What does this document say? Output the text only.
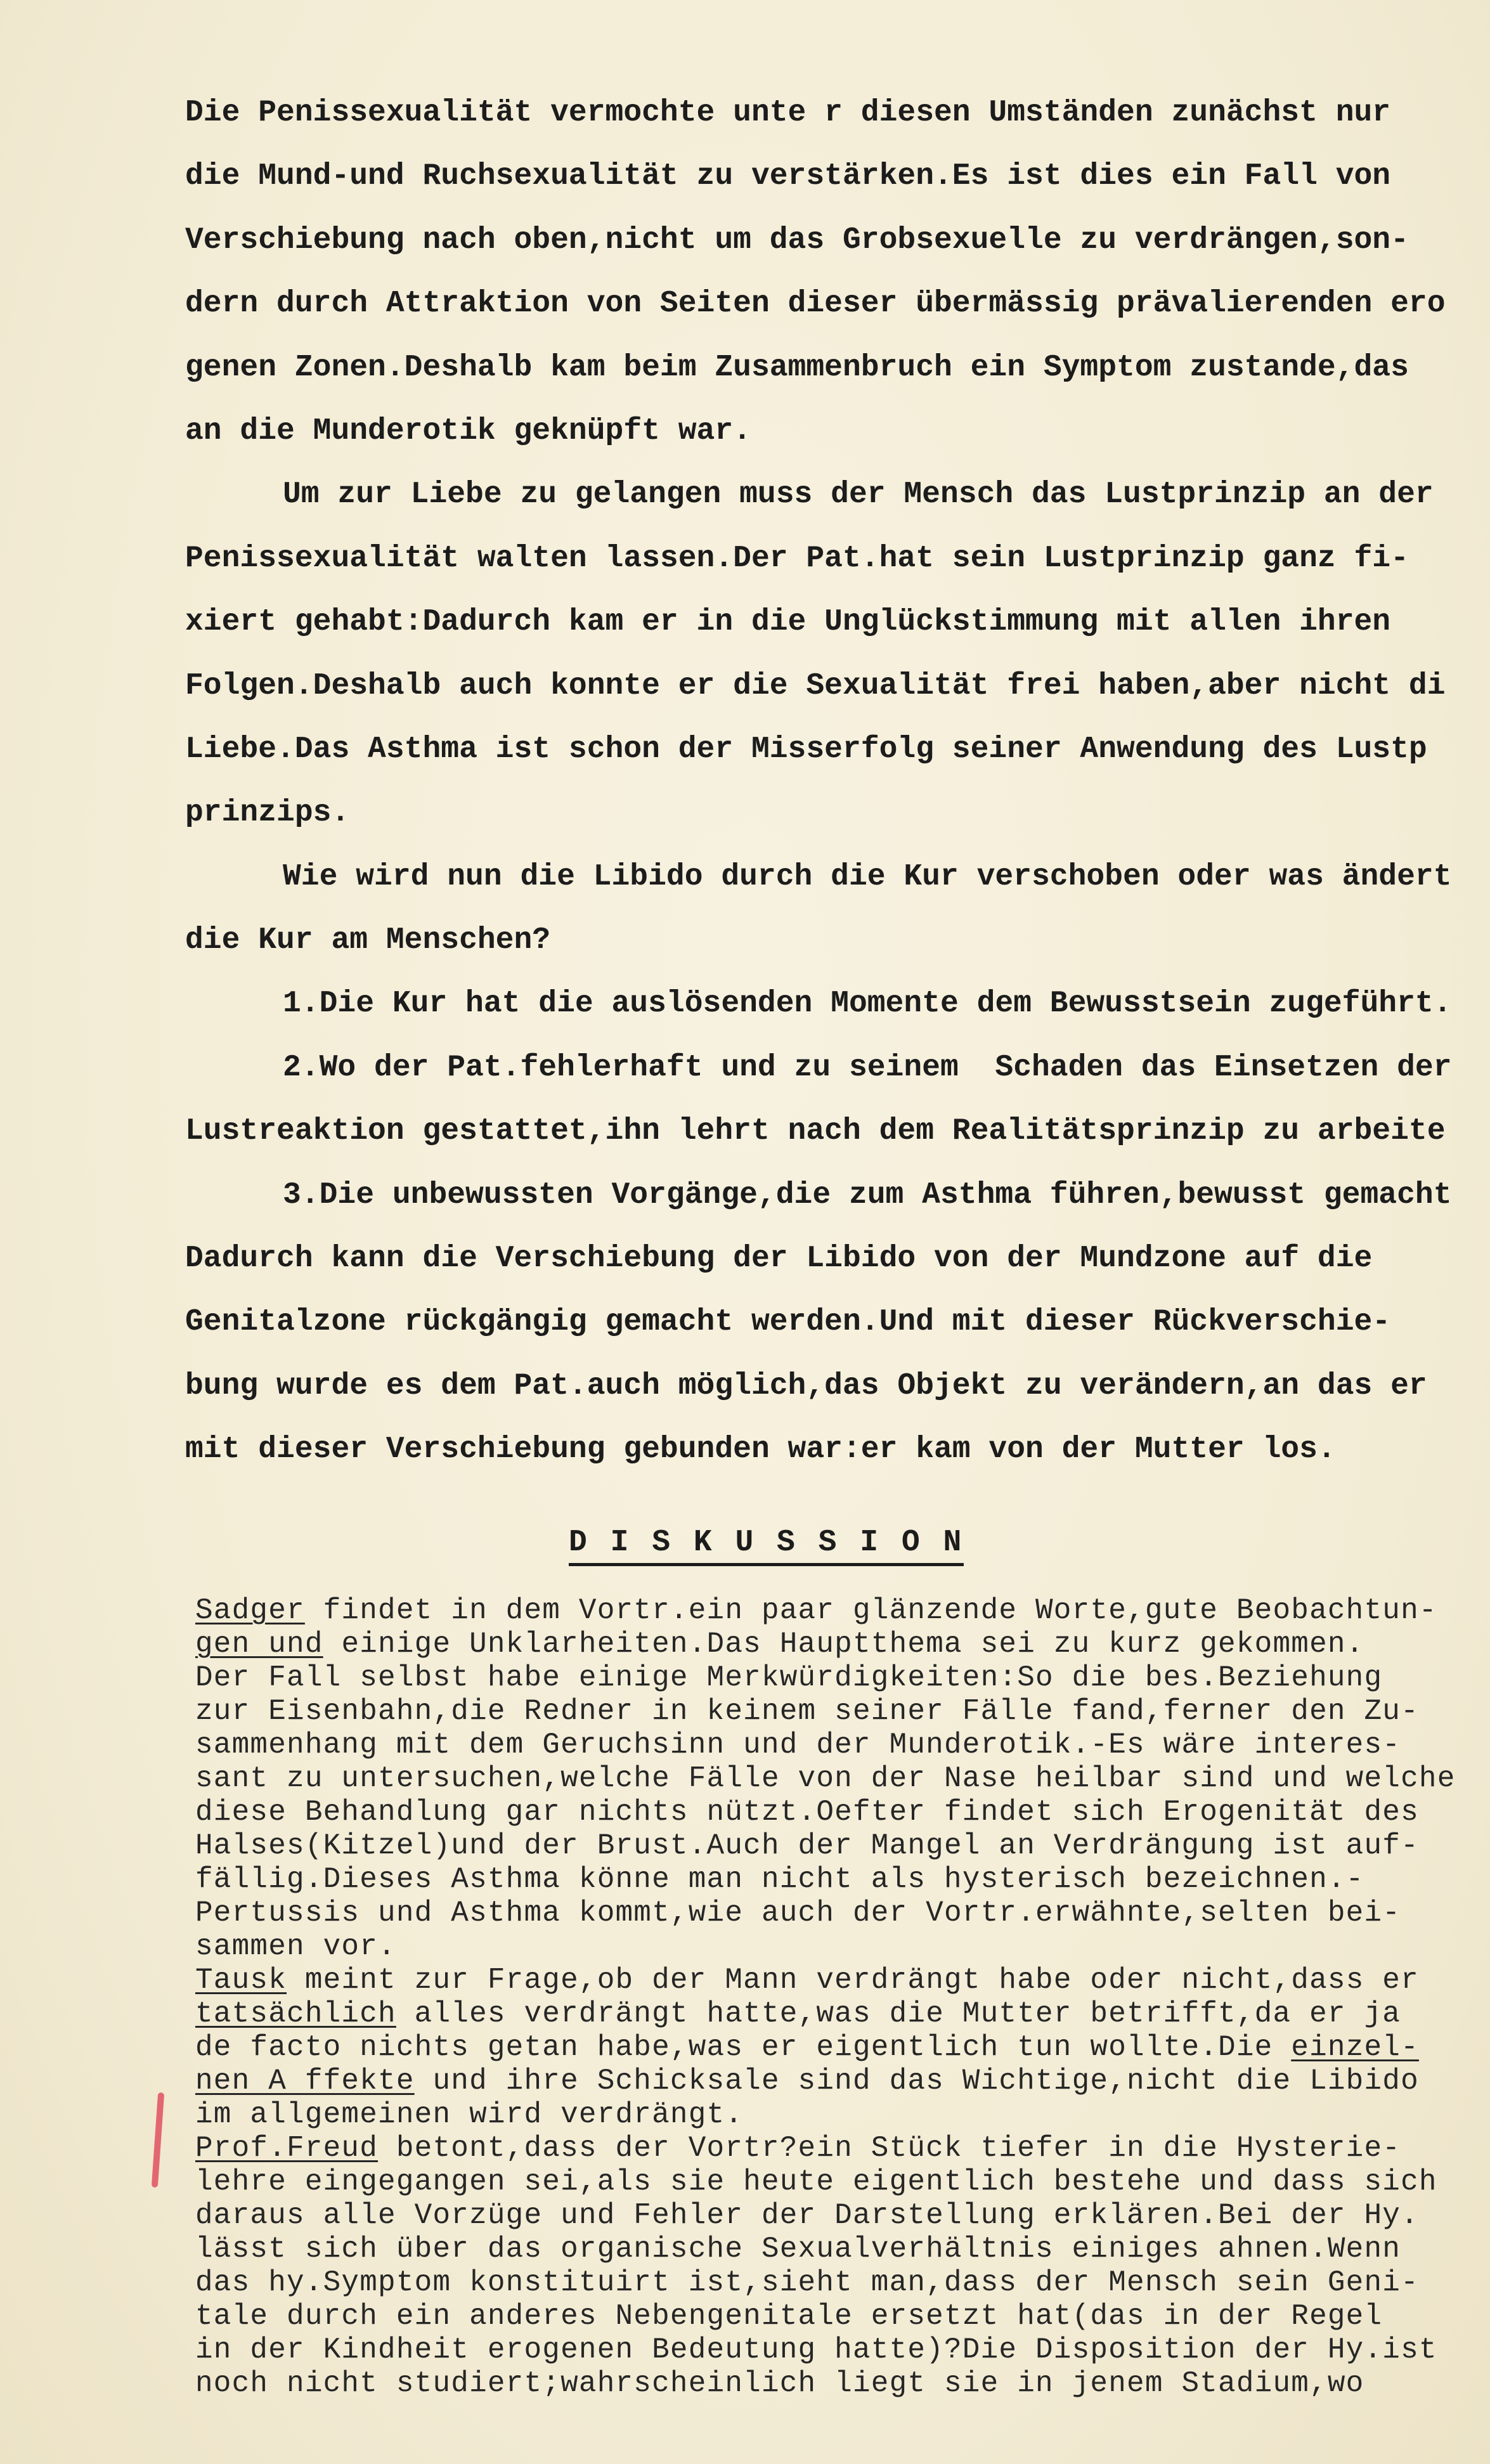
Die Penissexualität vermochte unte r diesen Umständen zunächst nur
die Mund-und Ruchsexualität zu verstärken.Es ist dies ein Fall von
Verschiebung nach oben,nicht um das Grobsexuelle zu verdrängen,son-
dern durch Attraktion von Seiten dieser übermässig prävalierenden ero
genen Zonen.Deshalb kam beim Zusammenbruch ein Symptom zustande,das
an die Munderotik geknüpft war.
Um zur Liebe zu gelangen muss der Mensch das Lustprinzip an der
Penissexualität walten lassen.Der Pat.hat sein Lustprinzip ganz fi-
xiert gehabt:Dadurch kam er in die Unglückstimmung mit allen ihren
Folgen.Deshalb auch konnte er die Sexualität frei haben,aber nicht di
Liebe.Das Asthma ist schon der Misserfolg seiner Anwendung des Lustp
prinzips.
Wie wird nun die Libido durch die Kur verschoben oder was ändert
die Kur am Menschen?
1.Die Kur hat die auslösenden Momente dem Bewusstsein zugeführt.
2.Wo der Pat.fehlerhaft und zu seinem  Schaden das Einsetzen der
Lustreaktion gestattet,ihn lehrt nach dem Realitätsprinzip zu arbeite
3.Die unbewussten Vorgänge,die zum Asthma führen,bewusst gemacht
Dadurch kann die Verschiebung der Libido von der Mundzone auf die
Genitalzone rückgängig gemacht werden.Und mit dieser Rückverschie-
bung wurde es dem Pat.auch möglich,das Objekt zu verändern,an das er
mit dieser Verschiebung gebunden war:er kam von der Mutter los.
D I S K U S S I O N
Sadger findet in dem Vortr.ein paar glänzende Worte,gute Beobachtun-
gen und einige Unklarheiten.Das Hauptthema sei zu kurz gekommen.
Der Fall selbst habe einige Merkwürdigkeiten:So die bes.Beziehung
zur Eisenbahn,die Redner in keinem seiner Fälle fand,ferner den Zu-
sammenhang mit dem Geruchsinn und der Munderotik.-Es wäre interes-
sant zu untersuchen,welche Fälle von der Nase heilbar sind und welche
diese Behandlung gar nichts nützt.Oefter findet sich Erogenität des
Halses(Kitzel)und der Brust.Auch der Mangel an Verdrängung ist auf-
fällig.Dieses Asthma könne man nicht als hysterisch bezeichnen.-
Pertussis und Asthma kommt,wie auch der Vortr.erwähnte,selten bei-
sammen vor.
Tausk meint zur Frage,ob der Mann verdrängt habe oder nicht,dass er
tatsächlich alles verdrängt hatte,was die Mutter betrifft,da er ja
de facto nichts getan habe,was er eigentlich tun wollte.Die einzel-
nen A ffekte und ihre Schicksale sind das Wichtige,nicht die Libido
im allgemeinen wird verdrängt.
Prof.Freud betont,dass der Vortr?ein Stück tiefer in die Hysterie-
lehre eingegangen sei,als sie heute eigentlich bestehe und dass sich
daraus alle Vorzüge und Fehler der Darstellung erklären.Bei der Hy.
lässt sich über das organische Sexualverhältnis einiges ahnen.Wenn
das hy.Symptom konstituirt ist,sieht man,dass der Mensch sein Geni-
tale durch ein anderes Nebengenitale ersetzt hat(das in der Regel
in der Kindheit erogenen Bedeutung hatte)?Die Disposition der Hy.ist
noch nicht studiert;wahrscheinlich liegt sie in jenem Stadium,wo
